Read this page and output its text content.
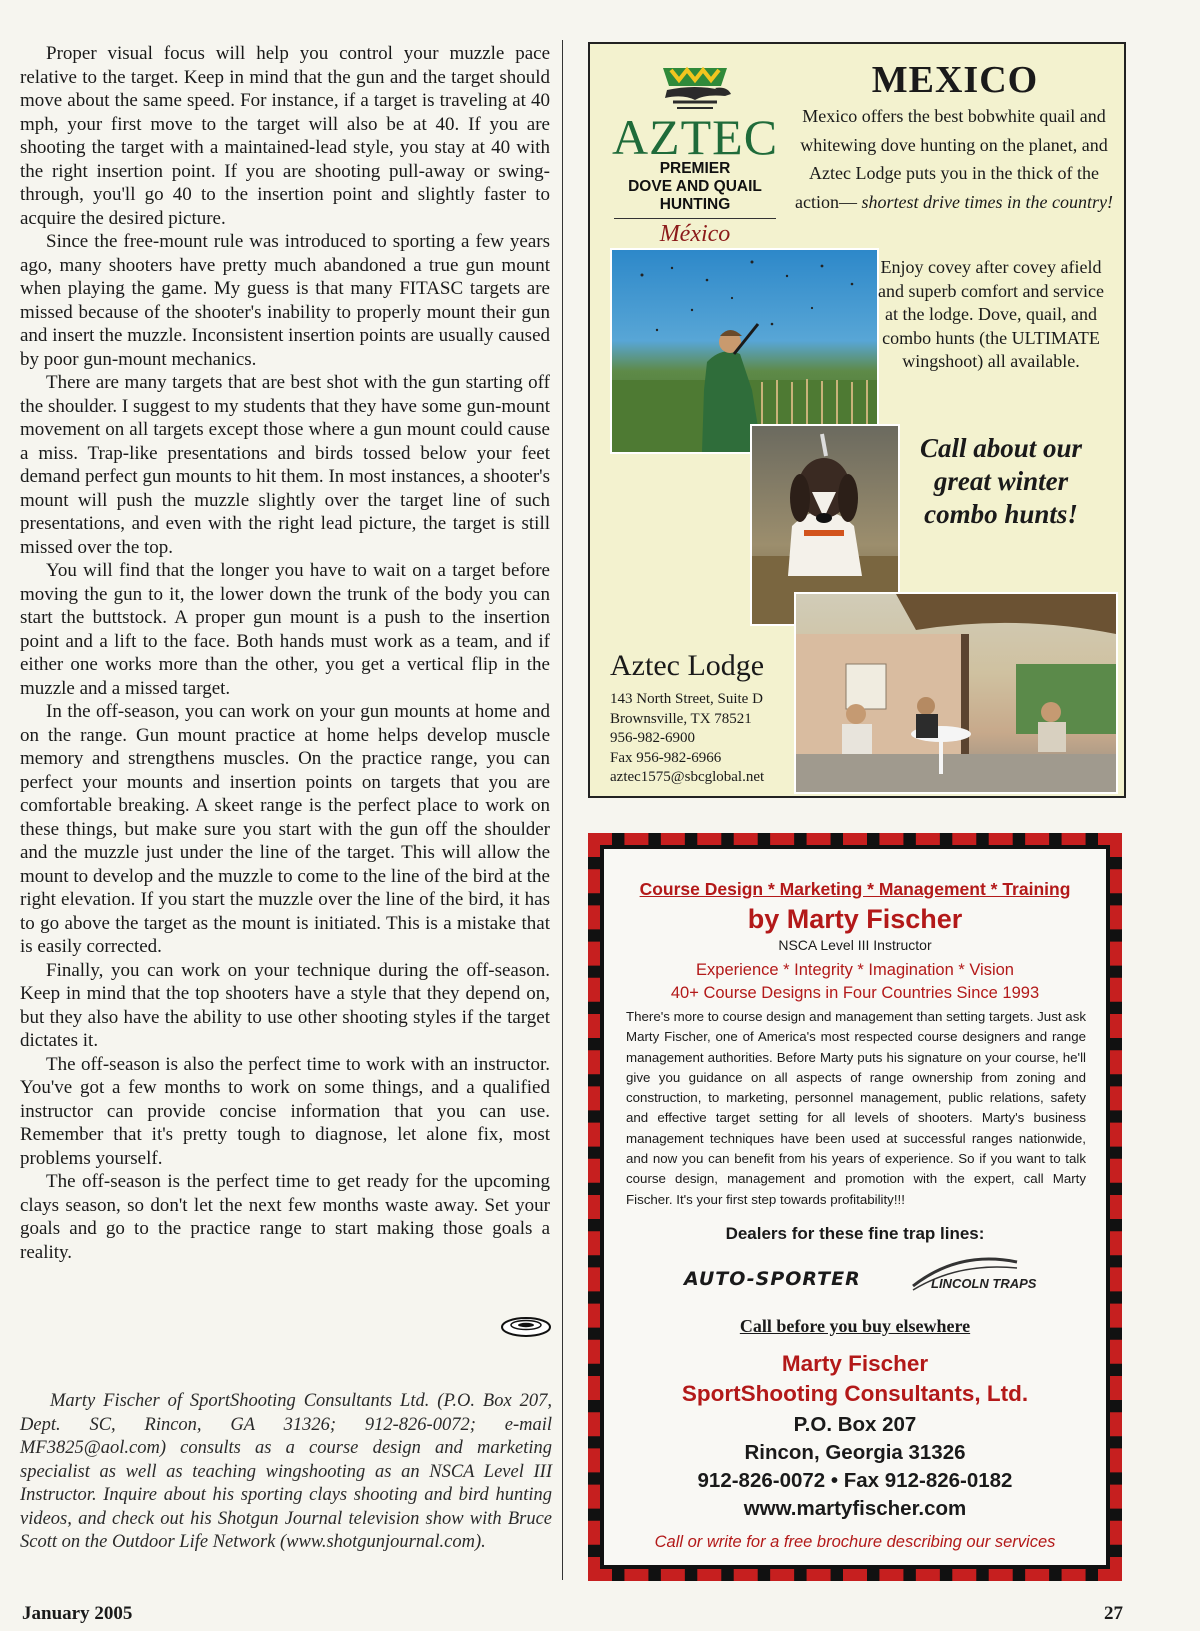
Proper visual focus will help you control your muzzle pace relative to the target. Keep in mind that the gun and the target should move about the same speed. For instance, if a target is traveling at 40 mph, your first move to the target will also be at 40. If you are shooting the target with a maintained-lead style, you stay at 40 with the right insertion point. If you are shooting pull-away or swing-through, you'll go 40 to the insertion point and slightly faster to acquire the desired picture.

Since the free-mount rule was introduced to sporting a few years ago, many shooters have pretty much abandoned a true gun mount when playing the game. My guess is that many FITASC targets are missed because of the shooter's inability to properly mount their gun and insert the muzzle. Inconsistent insertion points are usually caused by poor gun-mount mechanics.

There are many targets that are best shot with the gun starting off the shoulder. I suggest to my students that they have some gun-mount movement on all targets except those where a gun mount could cause a miss. Trap-like presentations and birds tossed below your feet demand perfect gun mounts to hit them. In most instances, a shooter's mount will push the muzzle slightly over the target line of such presentations, and even with the right lead picture, the target is still missed over the top.

You will find that the longer you have to wait on a target before moving the gun to it, the lower down the trunk of the body you can start the buttstock. A proper gun mount is a push to the insertion point and a lift to the face. Both hands must work as a team, and if either one works more than the other, you get a vertical flip in the muzzle and a missed target.

In the off-season, you can work on your gun mounts at home and on the range. Gun mount practice at home helps develop muscle memory and strengthens muscles. On the practice range, you can perfect your mounts and insertion points on targets that you are comfortable breaking. A skeet range is the perfect place to work on these things, but make sure you start with the gun off the shoulder and the muzzle just under the line of the target. This will allow the mount to develop and the muzzle to come to the line of the bird at the right elevation. If you start the muzzle over the line of the bird, it has to go above the target as the mount is initiated. This is a mistake that is easily corrected.

Finally, you can work on your technique during the off-season. Keep in mind that the top shooters have a style that they depend on, but they also have the ability to use other shooting styles if the target dictates it.

The off-season is also the perfect time to work with an instructor. You've got a few months to work on some things, and a qualified instructor can provide concise information that you can use. Remember that it's pretty tough to diagnose, let alone fix, most problems yourself.

The off-season is the perfect time to get ready for the upcoming clays season, so don't let the next few months waste away. Set your goals and go to the practice range to start making those goals a reality.

Marty Fischer of SportShooting Consultants Ltd. (P.O. Box 207, Dept. SC, Rincon, GA 31326; 912-826-0072; e-mail MF3825@aol.com) consults as a course design and marketing specialist as well as teaching wingshooting as an NSCA Level III Instructor. Inquire about his sporting clays shooting and bird hunting videos, and check out his Shotgun Journal television show with Bruce Scott on the Outdoor Life Network (www.shotgunjournal.com).
AZTEC
PREMIER
DOVE AND QUAIL
HUNTING
México
MEXICO
Mexico offers the best bobwhite quail and whitewing dove hunting on the planet, and Aztec Lodge puts you in the thick of the action— shortest drive times in the country!
Enjoy covey after covey afield and superb comfort and service at the lodge. Dove, quail, and combo hunts (the ULTIMATE wingshoot) all available.
Call about our great winter combo hunts!
Aztec Lodge
143 North Street, Suite D
Brownsville, TX 78521
956-982-6900
Fax 956-982-6966
aztec1575@sbcglobal.net
Course Design * Marketing * Management * Training
by Marty Fischer
NSCA Level III Instructor
Experience * Integrity * Imagination * Vision
40+ Course Designs in Four Countries Since 1993
There's more to course design and management than setting targets. Just ask Marty Fischer, one of America's most respected course designers and range management authorities. Before Marty puts his signature on your course, he'll give you guidance on all aspects of range ownership from zoning and construction, to marketing, personnel management, public relations, safety and effective target setting for all levels of shooters. Marty's business management techniques have been used at successful ranges nationwide, and now you can benefit from his years of experience. So if you want to talk course design, management and promotion with the expert, call Marty Fischer. It's your first step towards profitability!!!
Dealers for these fine trap lines:
AUTO-SPORTER	LINCOLN TRAPS
Call before you buy elsewhere
Marty Fischer
SportShooting Consultants, Ltd.
P.O. Box 207
Rincon, Georgia 31326
912-826-0072 • Fax 912-826-0182
www.martyfischer.com
Call or write for a free brochure describing our services
January 2005	27
